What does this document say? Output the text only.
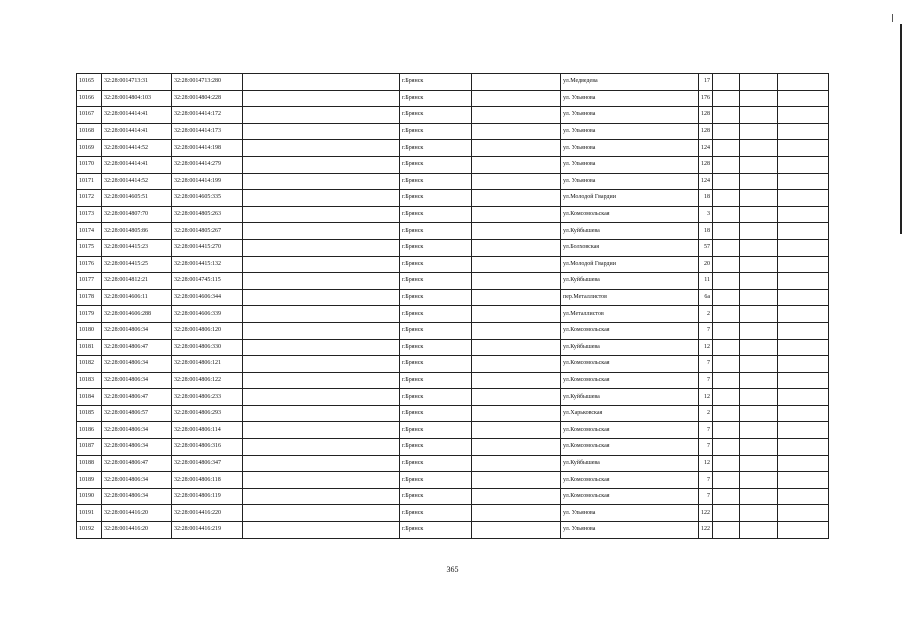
10165	32:28:0014713:31	32:28:0014713:280		г.Брянск		ул.Медведева	17			
10166	32:28:0014804:103	32:28:0014804:228		г.Брянск		ул. Ульянова	176			
10167	32:28:0014414:41	32:28:0014414:172		г.Брянск		ул. Ульянова	128			
10168	32:28:0014414:41	32:28:0014414:173		г.Брянск		ул. Ульянова	128			
10169	32:28:0014414:52	32:28:0014414:198		г.Брянск		ул. Ульянова	124			
10170	32:28:0014414:41	32:28:0014414:279		г.Брянск		ул. Ульянова	128			
10171	32:28:0014414:52	32:28:0014414:199		г.Брянск		ул. Ульянова	124			
10172	32:28:0014605:51	32:28:0014605:335		г.Брянск		ул.Молодой Гвардии	18			
10173	32:28:0014807:70	32:28:0014805:263		г.Брянск		ул.Комсомольская	3			
10174	32:28:0014805:86	32:28:0014805:267		г.Брянск		ул.Куйбышева	18			
10175	32:28:0014415:23	32:28:0014415:270		г.Брянск		ул.Болховская	57			
10176	32:28:0014415:25	32:28:0014415:132		г.Брянск		ул.Молодой Гвардии	20			
10177	32:28:0014812:21	32:28:0014745:115		г.Брянск		ул.Куйбышева	11			
10178	32:28:0014606:11	32:28:0014606:344		г.Брянск		пер.Металлистов	6а			
10179	32:28:0014606:288	32:28:0014606:339		г.Брянск		ул.Металлистов	2			
10180	32:28:0014806:34	32:28:0014806:120		г.Брянск		ул.Комсомольская	7			
10181	32:28:0014806:47	32:28:0014806:330		г.Брянск		ул.Куйбышева	12			
10182	32:28:0014806:34	32:28:0014806:121		г.Брянск		ул.Комсомольская	7			
10183	32:28:0014806:34	32:28:0014806:122		г.Брянск		ул.Комсомольская	7			
10184	32:28:0014806:47	32:28:0014806:233		г.Брянск		ул.Куйбышева	12			
10185	32:28:0014806:57	32:28:0014806:293		г.Брянск		ул.Харьковская	2			
10186	32:28:0014806:34	32:28:0014806:114		г.Брянск		ул.Комсомольская	7			
10187	32:28:0014806:34	32:28:0014806:316		г.Брянск		ул.Комсомольская	7			
10188	32:28:0014806:47	32:28:0014806:347		г.Брянск		ул.Куйбышева	12			
10189	32:28:0014806:34	32:28:0014806:118		г.Брянск		ул.Комсомольская	7			
10190	32:28:0014806:34	32:28:0014806:119		г.Брянск		ул.Комсомольская	7			
10191	32:28:0014416:20	32:28:0014416:220		г.Брянск		ул. Ульянова	122			
10192	32:28:0014416:20	32:28:0014416:219		г.Брянск		ул. Ульянова	122			
365
